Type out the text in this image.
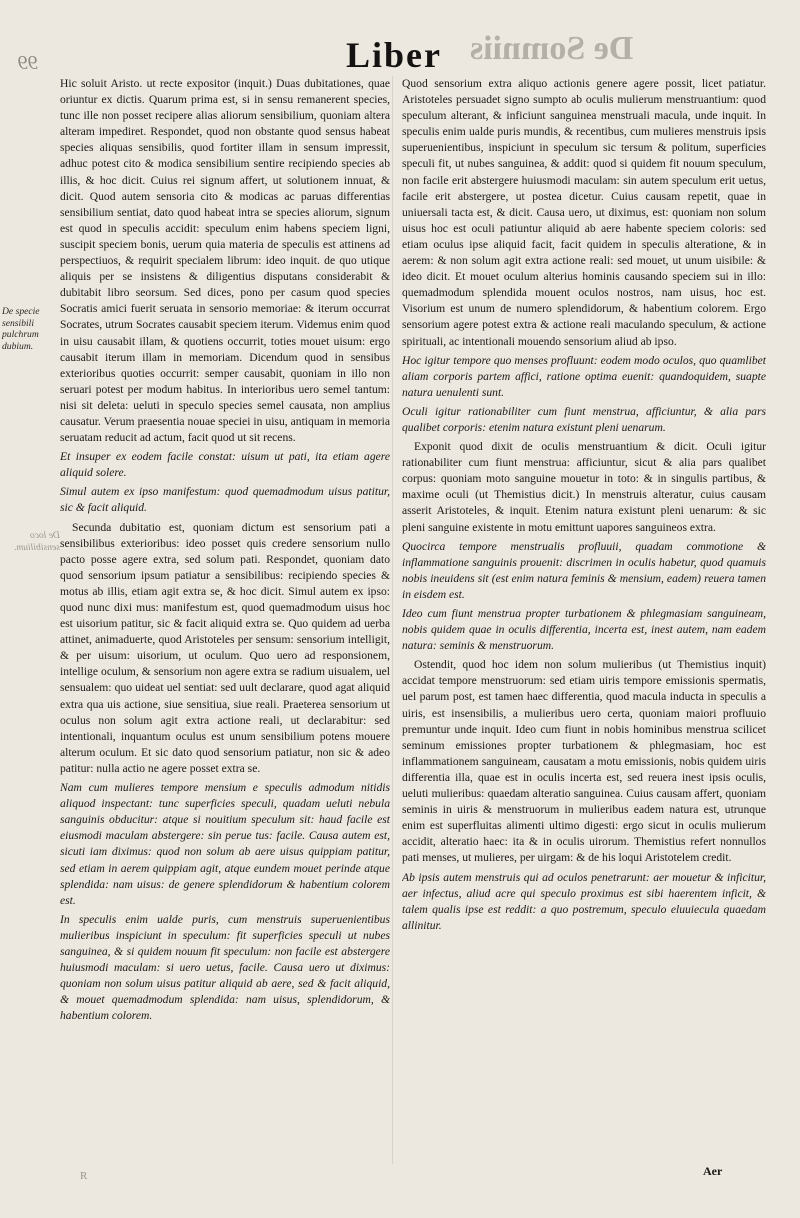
De Somniis
99	Liber
De specie sensibili pulchrum dubium.
De loco sensibilium.

Hic soluit Aristo. ut recte expositor (inquit.) Duas dubitationes, quae oriuntur ex dictis. Quarum prima est, si in sensu remanerent species, tunc ille non posset recipere alias aliorum sensibilium, quoniam altera alteram impediret. Respondet, quod non obstante quod sensus habeat species aliquas sensibilis, quod fortiter illam in sensum impressit, adhuc potest cito & modica sensibilium sentire recipiendo species ab illis, & hoc dicit. Cuius rei signum affert, ut solutionem innuat, & dicit. Quod autem sensoria cito & modicas ac paruas differentias sensibilium sentiat, dato quod habeat intra se species aliorum, signum est quod in speculis accidit: speculum enim habens speciem ligni, suscipit speciem bonis, uerum quia materia de speculis est attinens ad perspectiuos, & requirit specialem librum: ideo inquit. de quo utique aliquis per se insistens & diligentius disputans considerabit & dubitabit libro seorsum. Sed dices, pono per casum quod species Socratis amici fuerit seruata in sensorio memoriae: & iterum occurrat Socrates, utrum Socrates causabit speciem iterum. Videmus enim quod in uisu causabit illam, & quotiens occurrit, toties mouet uisum: ergo causabit iterum illam in memoriam. Dicendum quod in sensibus exterioribus quoties occurrit: semper causabit, quoniam in illo non seruari potest per modum habitus. In interioribus uero semel tantum: nisi sit deleta: ueluti in speculo species semel causata, non amplius causatur. Verum praesentia nouae speciei in uisu, antiquam in memoria seruatam reducit ad actum, facit quod ut sit recens.

Et insuper ex eodem facile constat: uisum ut pati, ita etiam agere aliquid solere.

Simul autem ex ipso manifestum: quod quemadmodum uisus patitur, sic & facit aliquid.

Secunda dubitatio est, quoniam dictum est sensorium pati a sensibilibus exterioribus: ideo posset quis credere sensorium nullo pacto posse agere extra, sed solum pati. Respondet, quoniam dato quod sensorium ipsum patiatur a sensibilibus: recipiendo species & motus ab illis, etiam agit extra se, & hoc dicit. Simul autem ex ipso: quod nunc dixi mus: manifestum est, quod quemadmodum uisus hoc est uisorium patitur, sic & facit aliquid extra se. Quo quidem ad uerba attinet, animaduerte, quod Aristoteles per sensum: sensorium intelligit, & per uisum: uisorium, ut oculum. Quo uero ad responsionem, intellige oculum, & sensorium non agere extra se radium uisualem, uel sensualem: quo uideat uel sentiat: sed uult declarare, quod agat aliquid extra qua uis actione, siue sensitiua, siue reali. Praeterea sensorium ut oculus non solum agit extra actione reali, ut declarabitur: sed intentionali, inquantum oculus est unum sensibilium potens mouere alterum oculum. Et sic dato quod sensorium patiatur, non sic & adeo patitur: nulla actio ne agere posset extra se.

Nam cum mulieres tempore mensium e speculis admodum nitidis aliquod inspectant: tunc superficies speculi, quadam ueluti nebula sanguinis obducitur: atque si nouitium speculum sit: haud facile est eiusmodi maculam abstergere: sin perue tus: facile. Causa autem est, sicuti iam diximus: quod non solum ab aere uisus quippiam patitur, sed etiam in aerem quippiam agit, atque eundem mouet perinde atque splendida: nam uisus: de genere splendidorum & habentium colorem est.

In speculis enim ualde puris, cum menstruis superuenientibus mulieribus inspiciunt in speculum: fit superficies speculi ut nubes sanguinea, & si quidem nouum fit speculum: non facile est abstergere huiusmodi maculam: si uero uetus, facile. Causa uero ut diximus: quoniam non solum uisus patitur aliquid ab aere, sed & facit aliquid, & mouet quemadmodum splendida: nam uisus, splendidorum, & habentium colorem.

Quod sensorium extra aliquo actionis genere agere possit, licet patiatur. Aristoteles persuadet signo sumpto ab oculis mulierum menstruantium: quod speculum alterant, & inficiunt sanguinea menstruali macula, unde inquit. In speculis enim ualde puris mundis, & recentibus, cum mulieres menstruis ipsis superuenientibus, inspiciunt in speculum sic tersum & politum, superficies speculi fit, ut nubes sanguinea, & addit: quod si quidem fit nouum speculum, non facile erit abstergere huiusmodi maculam: sin autem speculum erit uetus, facile erit abstergere, ut postea dicetur. Cuius causam repetit, quae in uniuersali tacta est, & dicit. Causa uero, ut diximus, est: quoniam non solum uisus hoc est oculi patiuntur aliquid ab aere habente speciem coloris: sed etiam oculus ipse aliquid facit, facit quidem in speculis alteratione, & in aerem: & non solum agit extra actione reali: sed mouet, ut unum uisibile: & ideo dicit. Et mouet oculum alterius hominis causando speciem sui in illo: quemadmodum splendida mouent oculos nostros, nam uisus, hoc est. Visorium est unum de numero splendidorum, & habentium colorem. Ergo sensorium agere potest extra & actione reali maculando speculum, & actione spirituali, ac intentionali mouendo sensorium aliud ab ipso.

Hoc igitur tempore quo menses profluunt: eodem modo oculos, quo quamlibet aliam corporis partem affici, ratione optima euenit: quandoquidem, suapte natura uenulenti sunt.

Oculi igitur rationabiliter cum fiunt menstrua, afficiuntur, & alia pars qualibet corporis: etenim natura existunt pleni uenarum.

Exponit quod dixit de oculis menstruantium & dicit. Oculi igitur rationabiliter cum fiunt menstrua: afficiuntur, sicut & alia pars qualibet corpus: quoniam moto sanguine mouetur in toto: & in singulis partibus, & maxime oculi (ut Themistius dicit.) In menstruis alteratur, cuius causam asserit Aristoteles, & inquit. Etenim natura existunt pleni uenarum: & sic pleni sanguine existente in motu emittunt uapores sanguineos extra.

Quocirca tempore menstrualis profluuii, quadam commotione & inflammatione sanguinis prouenit: discrimen in oculis habetur, quod quamuis nobis ineuidens sit (est enim natura feminis & mensium, eadem) reuera tamen in eisdem est.

Ideo cum fiunt menstrua propter turbationem & phlegmasiam sanguineam, nobis quidem quae in oculis differentia, incerta est, inest autem, nam eadem natura: seminis & menstruorum.

Ostendit, quod hoc idem non solum mulieribus (ut Themistius inquit) accidat tempore menstruorum: sed etiam uiris tempore emissionis spermatis, uel parum post, est tamen haec differentia, quod macula inducta in speculis a uiris, est insensibilis, a mulieribus uero certa, quoniam maiori profluuio premuntur unde inquit. Ideo cum fiunt in nobis hominibus menstrua scilicet seminum emissiones propter turbationem & phlegmasiam, hoc est inflammationem sanguineam, causatam a motu emissionis, nobis quidem uiris differentia illa, quae est in oculis incerta est, sed reuera inest ipsis oculis, ueluti mulieribus: quaedam alteratio sanguinea. Cuius causam affert, quoniam seminis in uiris & menstruorum in mulieribus eadem natura est, utrunque enim est superfluitas alimenti ultimo digesti: ergo sicut in oculis mulierum accidit, alteratio haec: ita & in oculis uirorum. Themistius refert nonnullos pati menses, ut mulieres, per uirgam: & de his loqui Aristotelem credit.

Ab ipsis autem menstruis qui ad oculos penetrarunt: aer mouetur & inficitur, aer infectus, aliud acre qui speculo proximus est sibi haerentem inficit, & talem qualis ipse est reddit: a quo postremum, speculo eluuiecula quaedam allinitur.

R	Aer
